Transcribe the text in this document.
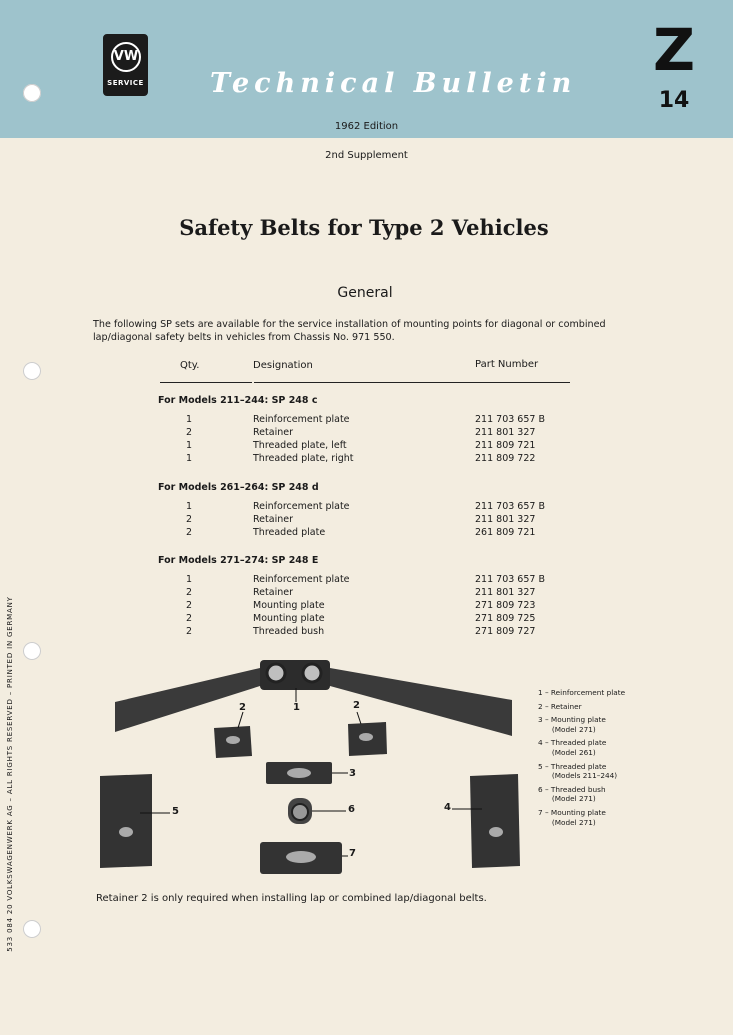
VW
SERVICE Technical Bulletin Z
14
1962 Edition
2nd Supplement
Safety Belts for Type 2 Vehicles
General
The following SP sets are available for the service installation of mounting points for diagonal or combined lap/diagonal safety belts in vehicles from Chassis No. 971 550.
Qty.	Designation	Part Number
For Models 211–244: SP 248 c
1	Reinforcement plate	211 703 657 B
2	Retainer	211 801 327
1	Threaded plate, left	211 809 721
1	Threaded plate, right	211 809 722
For Models 261–264: SP 248 d
1	Reinforcement plate	211 703 657 B
2	Retainer	211 801 327
2	Threaded plate	261 809 721
For Models 271–274: SP 248 E
1	Reinforcement plate	211 703 657 B
2	Retainer	211 801 327
2	Mounting plate	271 809 723
2	Mounting plate	271 809 725
2	Threaded bush	271 809 727
1
2	2
3
4
5	6
7
1 – Reinforcement plate
2 – Retainer
3 – Mounting plate
(Model 271)
4 – Threaded plate
(Model 261)
5 – Threaded plate
(Models 211–244)
6 – Threaded bush
(Model 271)
7 – Mounting plate
(Model 271)
Retainer 2 is only required when installing lap or combined lap/diagonal belts.
533 084 20 VOLKSWAGENWERK AG – ALL RIGHTS RESERVED – PRINTED IN GERMANY
